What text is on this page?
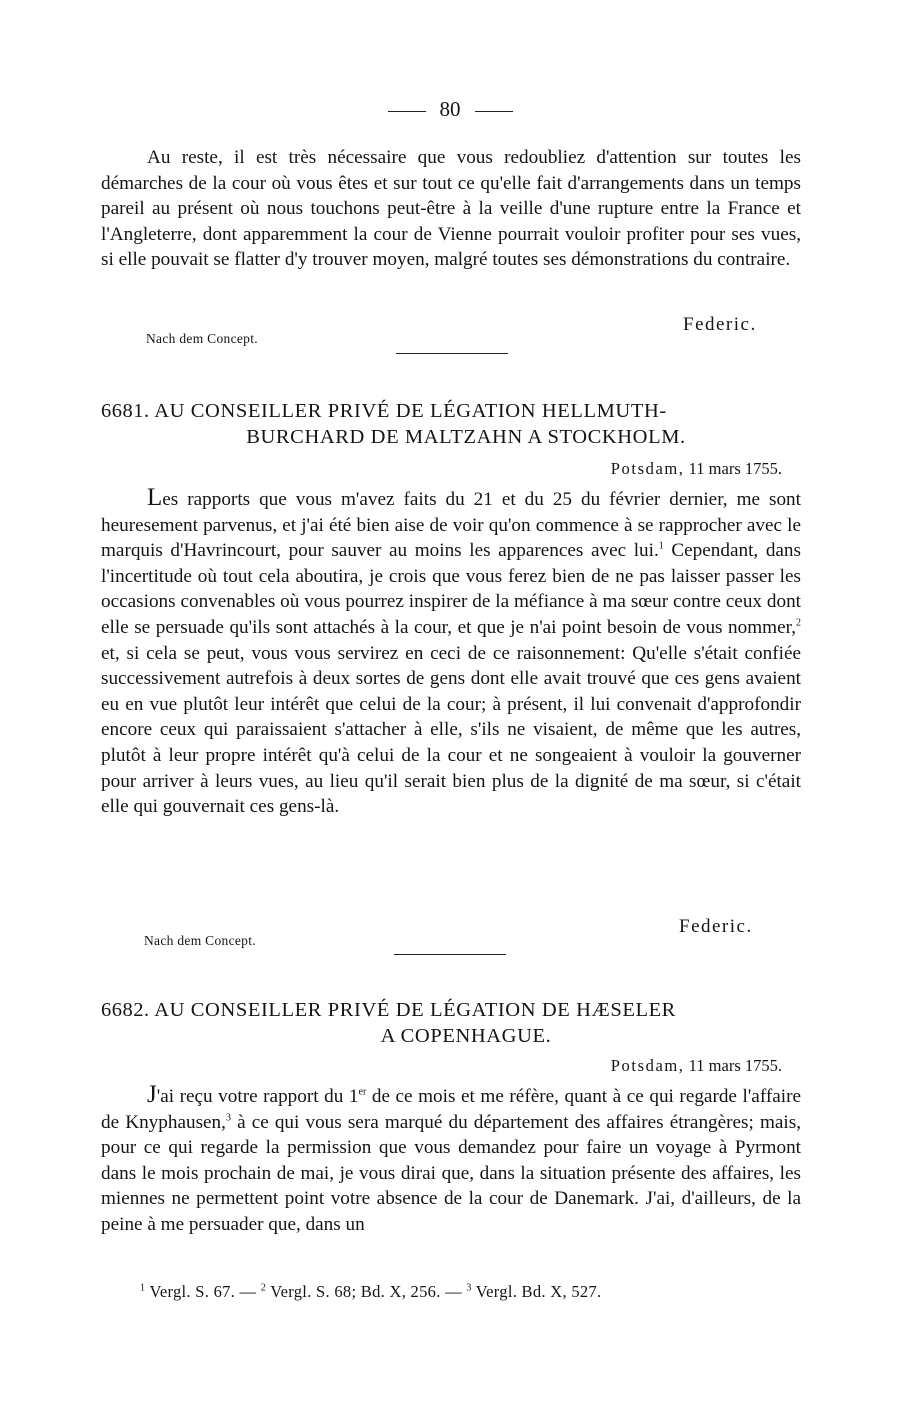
80

Au reste, il est très nécessaire que vous redoubliez d'attention sur toutes les démarches de la cour où vous êtes et sur tout ce qu'elle fait d'arrangements dans un temps pareil au présent où nous touchons peut-être à la veille d'une rupture entre la France et l'Angleterre, dont apparemment la cour de Vienne pourrait vouloir profiter pour ses vues, si elle pouvait se flatter d'y trouver moyen, malgré toutes ses démonstrations du contraire.

Federic.
Nach dem Concept.
6681. AU CONSEILLER PRIVÉ DE LÉGATION HELLMUTH-
BURCHARD DE MALTZAHN A STOCKHOLM.
Potsdam, 11 mars 1755.

Les rapports que vous m'avez faits du 21 et du 25 du février dernier, me sont heuresement parvenus, et j'ai été bien aise de voir qu'on commence à se rapprocher avec le marquis d'Havrincourt, pour sauver au moins les apparences avec lui.$^1$ Cependant, dans l'incertitude où tout cela aboutira, je crois que vous ferez bien de ne pas laisser passer les occasions convenables où vous pourrez inspirer de la méfiance à ma sœur contre ceux dont elle se persuade qu'ils sont attachés à la cour, et que je n'ai point besoin de vous nommer,$^2$ et, si cela se peut, vous vous servirez en ceci de ce raisonnement: Qu'elle s'était confiée successivement autrefois à deux sortes de gens dont elle avait trouvé que ces gens avaient eu en vue plutôt leur intérêt que celui de la cour; à présent, il lui convenait d'approfondir encore ceux qui paraissaient s'attacher à elle, s'ils ne visaient, de même que les autres, plutôt à leur propre intérêt qu'à celui de la cour et ne songeaient à vouloir la gouverner pour arriver à leurs vues, au lieu qu'il serait bien plus de la dignité de ma sœur, si c'était elle qui gouvernait ces gens-là.

Federic.
Nach dem Concept.
6682. AU CONSEILLER PRIVÉ DE LÉGATION DE HÆSELER
A COPENHAGUE.
Potsdam, 11 mars 1755.

J'ai reçu votre rapport du 1er de ce mois et me réfère, quant à ce qui regarde l'affaire de Knyphausen,$^3$ à ce qui vous sera marqué du département des affaires étrangères; mais, pour ce qui regarde la permission que vous demandez pour faire un voyage à Pyrmont dans le mois prochain de mai, je vous dirai que, dans la situation présente des affaires, les miennes ne permettent point votre absence de la cour de Danemark. J'ai, d'ailleurs, de la peine à me persuader que, dans un

$^1$ Vergl. S. 67. — $^2$ Vergl. S. 68; Bd. X, 256. — $^3$ Vergl. Bd. X, 527.
